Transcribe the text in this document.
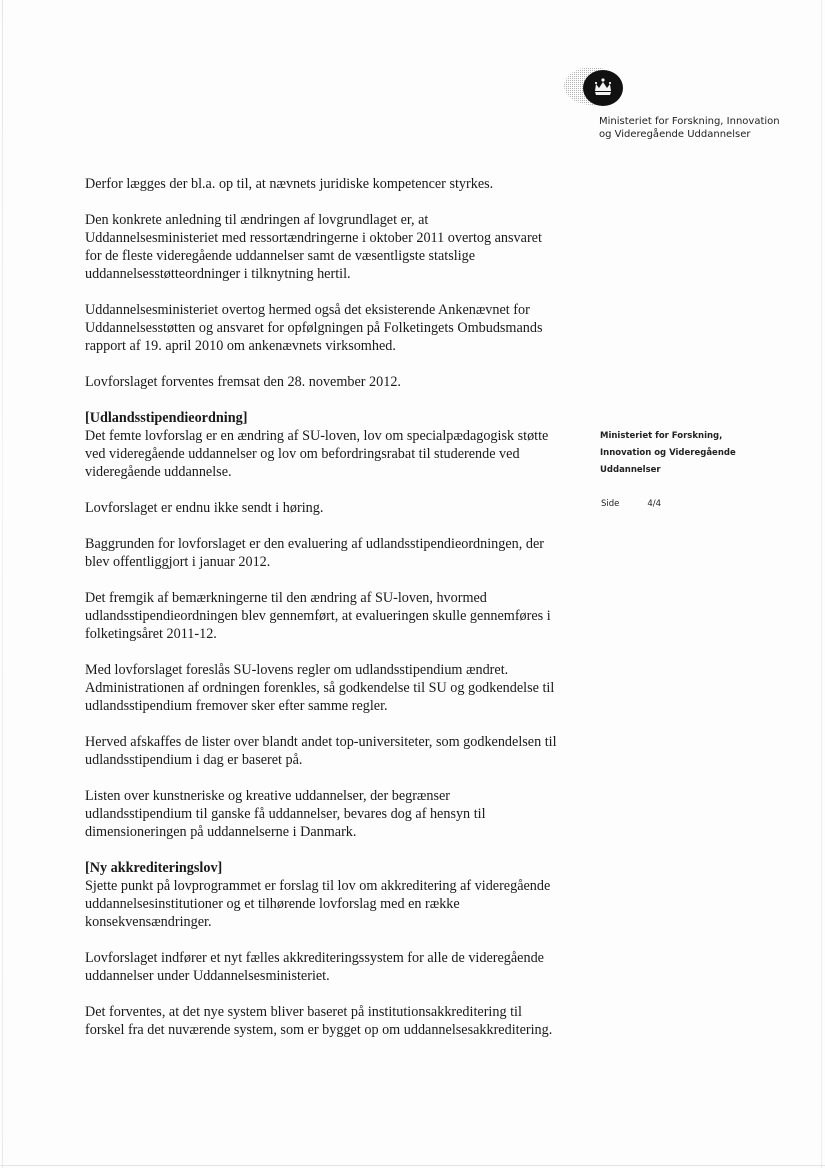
Ministeriet for Forskning, Innovation
og Videregående Uddannelser
Ministeriet for Forskning,
Innovation og Videregående
Uddannelser
Side	4/4
Derfor lægges der bl.a. op til, at nævnets juridiske kompetencer styrkes.
Den konkrete anledning til ændringen af lovgrundlaget er, at
Uddannelsesministeriet med ressortændringerne i oktober 2011 overtog ansvaret
for de fleste videregående uddannelser samt de væsentligste statslige
uddannelsesstøtteordninger i tilknytning hertil.
Uddannelsesministeriet overtog hermed også det eksisterende Ankenævnet for
Uddannelsesstøtten og ansvaret for opfølgningen på Folketingets Ombudsmands
rapport af 19. april 2010 om ankenævnets virksomhed.
Lovforslaget forventes fremsat den 28. november 2012.
[Udlandsstipendieordning]
Det femte lovforslag er en ændring af SU-loven, lov om specialpædagogisk støtte
ved videregående uddannelser og lov om befordringsrabat til studerende ved
videregående uddannelse.
Lovforslaget er endnu ikke sendt i høring.
Baggrunden for lovforslaget er den evaluering af udlandsstipendieordningen, der
blev offentliggjort i januar 2012.
Det fremgik af bemærkningerne til den ændring af SU-loven, hvormed
udlandsstipendieordningen blev gennemført, at evalueringen skulle gennemføres i
folketingsåret 2011-12.
Med lovforslaget foreslås SU-lovens regler om udlandsstipendium ændret.
Administrationen af ordningen forenkles, så godkendelse til SU og godkendelse til
udlandsstipendium fremover sker efter samme regler.
Herved afskaffes de lister over blandt andet top-universiteter, som godkendelsen til
udlandsstipendium i dag er baseret på.
Listen over kunstneriske og kreative uddannelser, der begrænser
udlandsstipendium til ganske få uddannelser, bevares dog af hensyn til
dimensioneringen på uddannelserne i Danmark.
[Ny akkrediteringslov]
Sjette punkt på lovprogrammet er forslag til lov om akkreditering af videregående
uddannelsesinstitutioner og et tilhørende lovforslag med en række
konsekvensændringer.
Lovforslaget indfører et nyt fælles akkrediteringssystem for alle de videregående
uddannelser under Uddannelsesministeriet.
Det forventes, at det nye system bliver baseret på institutionsakkreditering til
forskel fra det nuværende system, som er bygget op om uddannelsesakkreditering.
